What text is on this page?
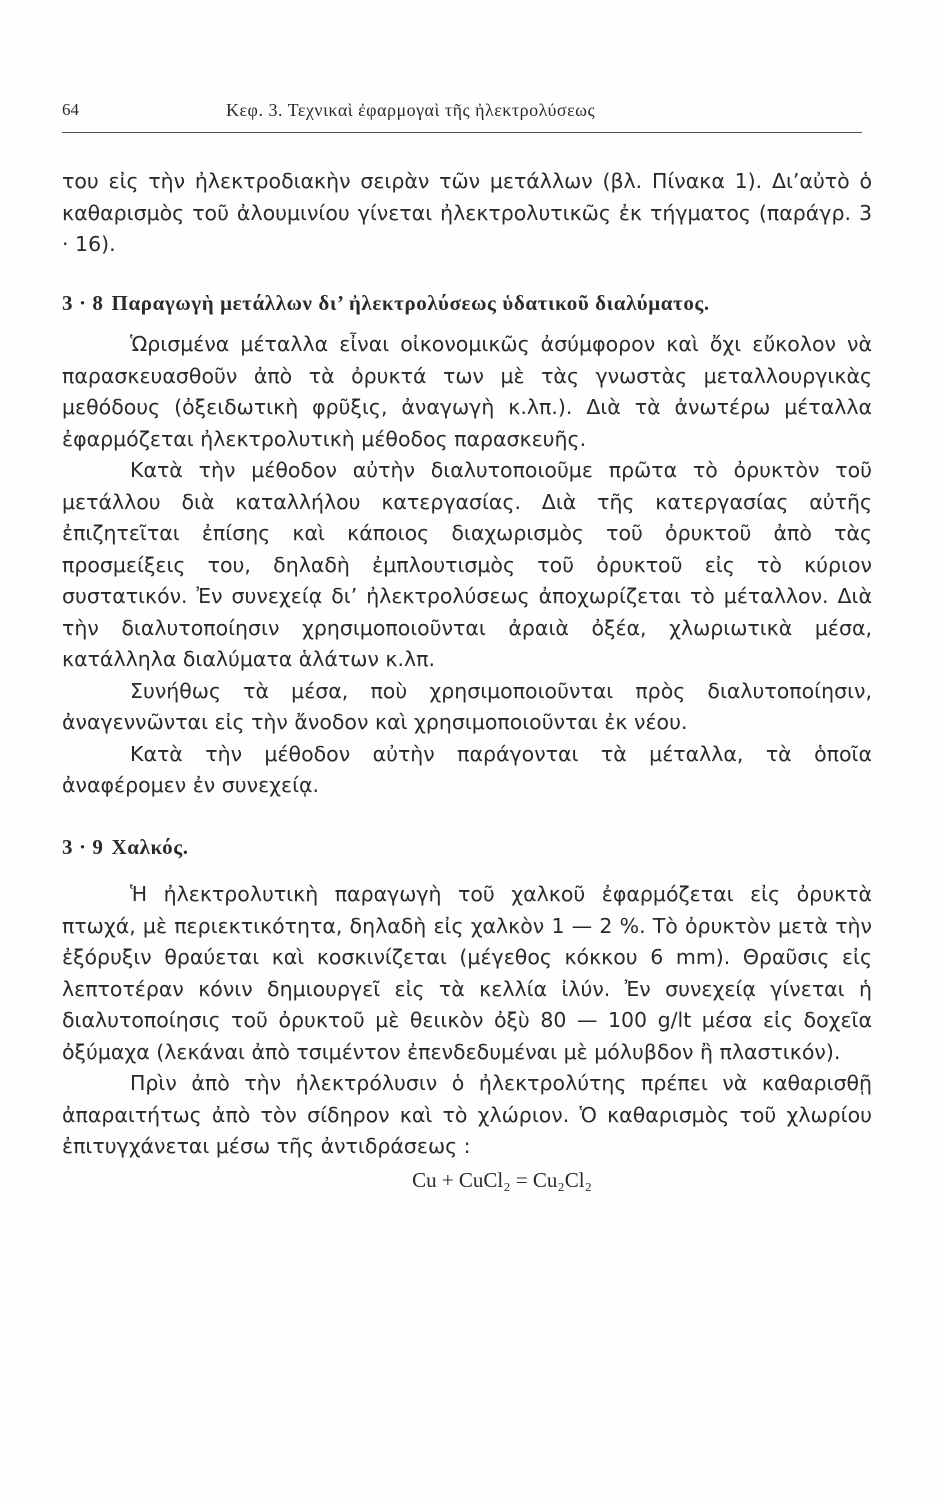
64	Κεφ. 3. Τεχνικαὶ ἐφαρμογαὶ τῆς ἠλεκτρολύσεως

του εἰς τὴν ἠλεκτροδιακὴν σειρὰν τῶν μετάλλων (βλ. Πίνακα 1). Δι’αὐτὸ ὁ καθαρισμὸς τοῦ ἀλουμινίου γίνεται ἠλεκτρολυτικῶς ἐκ τήγματος (παράγρ. 3 · 16).

3 · 8 Παραγωγὴ μετάλλων δι’ ἠλεκτρολύσεως ὑδατικοῦ διαλύματος.

Ὡρισμένα μέταλλα εἶναι οἰκονομικῶς ἀσύμφορον καὶ ὄχι εὔκολον νὰ παρασκευασθοῦν ἀπὸ τὰ ὀρυκτά των μὲ τὰς γνωστὰς μεταλλουργικὰς μεθόδους (ὀξειδωτικὴ φρῦξις, ἀναγωγὴ κ.λπ.). Διὰ τὰ ἀνωτέρω μέταλλα ἐφαρμόζεται ἠλεκτρολυτικὴ μέθοδος παρασκευῆς.

Κατὰ τὴν μέθοδον αὐτὴν διαλυτοποιοῦμε πρῶτα τὸ ὀρυκτὸν τοῦ μετάλλου διὰ καταλλήλου κατεργασίας. Διὰ τῆς κατεργασίας αὐτῆς ἐπιζητεῖται ἐπίσης καὶ κάποιος διαχωρισμὸς τοῦ ὀρυκτοῦ ἀπὸ τὰς προσμείξεις του, δηλαδὴ ἐμπλουτισμὸς τοῦ ὀρυκτοῦ εἰς τὸ κύριον συστατικόν. Ἐν συνεχείᾳ δι’ ἠλεκτρολύσεως ἀποχωρίζεται τὸ μέταλλον. Διὰ τὴν διαλυτοποίησιν χρησιμοποιοῦνται ἀραιὰ ὀξέα, χλωριωτικὰ μέσα, κατάλληλα διαλύματα ἁλάτων κ.λπ.

Συνήθως τὰ μέσα, ποὺ χρησιμοποιοῦνται πρὸς διαλυτοποίησιν, ἀναγεννῶνται εἰς τὴν ἄνοδον καὶ χρησιμοποιοῦνται ἐκ νέου.

Κατὰ τὴν μέθοδον αὐτὴν παράγονται τὰ μέταλλα, τὰ ὁποῖα ἀναφέρομεν ἐν συνεχείᾳ.

3 · 9 Χαλκός.

Ἡ ἠλεκτρολυτικὴ παραγωγὴ τοῦ χαλκοῦ ἐφαρμόζεται εἰς ὀρυκτὰ πτωχά, μὲ περιεκτικότητα, δηλαδὴ εἰς χαλκὸν 1 — 2 %. Τὸ ὀρυκτὸν μετὰ τὴν ἐξόρυξιν θραύεται καὶ κοσκινίζεται (μέγεθος κόκκου 6 mm). Θραῦσις εἰς λεπτοτέραν κόνιν δημιουργεῖ εἰς τὰ κελλία ἰλύν. Ἐν συνεχείᾳ γίνεται ἡ διαλυτοποίησις τοῦ ὀρυκτοῦ μὲ θειικὸν ὀξὺ 80 — 100 g/lt μέσα εἰς δοχεῖα ὀξύμαχα (λεκάναι ἀπὸ τσιμέντον ἐπενδεδυμέναι μὲ μόλυβδον ἢ πλαστικόν).

Πρὶν ἀπὸ τὴν ἠλεκτρόλυσιν ὁ ἠλεκτρολύτης πρέπει νὰ καθαρισθῇ ἀπαραιτήτως ἀπὸ τὸν σίδηρον καὶ τὸ χλώριον. Ὁ καθαρισμὸς τοῦ χλωρίου ἐπιτυγχάνεται μέσω τῆς ἀντιδράσεως :

Cu + CuCl₂ = Cu₂Cl₂
